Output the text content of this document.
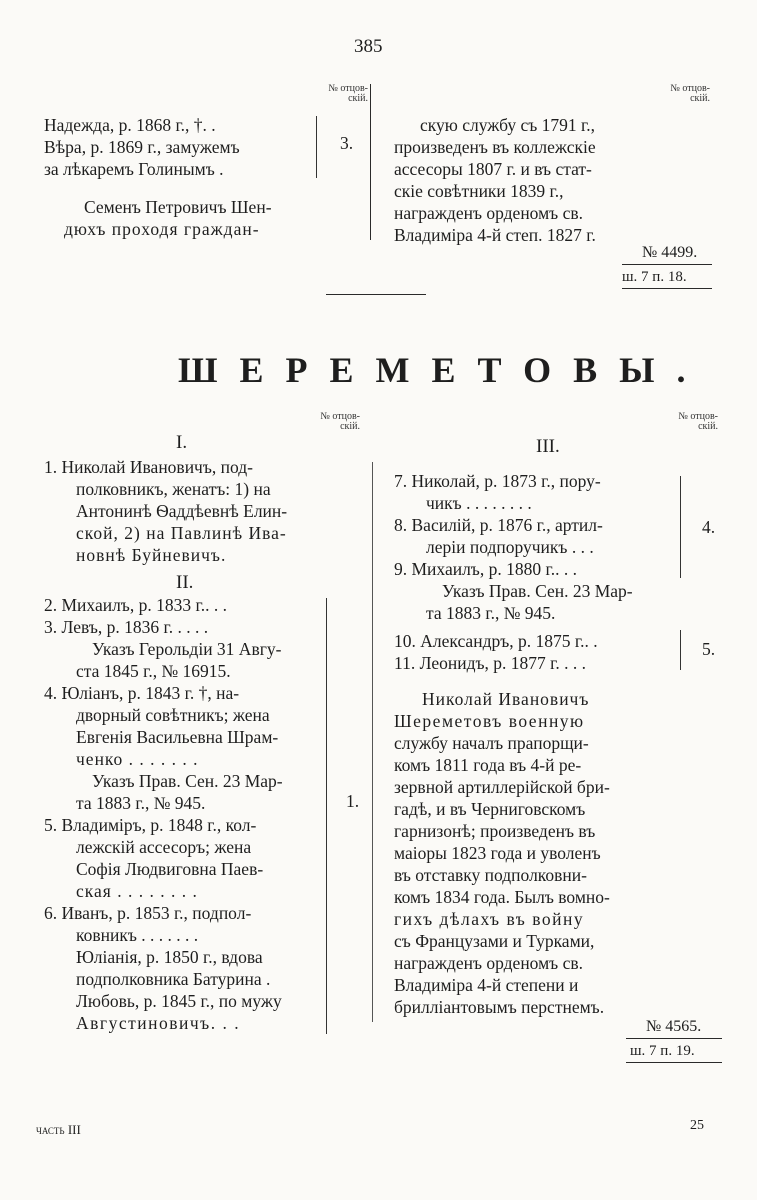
385
№ отцов-
скій.
№ отцов-
скій.
Надежда, р. 1868 г., †. .
Вѣра, р. 1869 г., замужемъ
за лѣкаремъ Голинымъ .
3.
Семенъ Петровичъ Шен-
дюхъ проходя граждан-
скую службу съ 1791 г.,
произведенъ въ коллежскіе
ассесоры 1807 г. и въ стат-
скіе совѣтники 1839 г.,
награжденъ орденомъ св.
Владиміра 4-й степ. 1827 г.
№ 4499.
ш. 7 п. 18.
ШЕРЕМЕТОВЫ.
№ отцов-
скій.
№ отцов-
скій.
I.
1. Николай Ивановичъ, под-
полковникъ, женатъ: 1) на
Антонинѣ Ѳаддѣевнѣ Елин-
ской, 2) на Павлинѣ Ива-
новнѣ Буйневичъ.
II.
2. Михаилъ, р. 1833 г.. . .
3. Левъ, р. 1836 г. . . . .
Указъ Герольдіи 31 Авгу-
ста 1845 г., № 16915.
4. Юліанъ, р. 1843 г. †, на-
дворный совѣтникъ; жена
Евгенія Васильевна Шрам-
ченко . . . . . . .
Указъ Прав. Сен. 23 Мар-
та 1883 г., № 945.
5. Владиміръ, р. 1848 г., кол-
лежскій ассесоръ; жена
Софія Людвиговна Паев-
ская . . . . . . . .
6. Иванъ, р. 1853 г., подпол-
ковникъ . . . . . . .
Юліанія, р. 1850 г., вдова
подполковника Батурина .
Любовь, р. 1845 г., по мужу
Августиновичъ. . .
1.
III.
7. Николай, р. 1873 г., пору-
чикъ . . . . . . . .
8. Василій, р. 1876 г., артил-
леріи подпоручикъ . . .
9. Михаилъ, р. 1880 г.. . .
Указъ Прав. Сен. 23 Мар-
та 1883 г., № 945.
10. Александръ, р. 1875 г.. .
11. Леонидъ, р. 1877 г. . . .
4.
5.
Николай Ивановичъ
Шереметовъ военную
службу началъ прапорщи-
комъ 1811 года въ 4-й ре-
зервной артиллерійской бри-
гадѣ, и въ Черниговскомъ
гарнизонѣ; произведенъ въ
маіоры 1823 года и уволенъ
въ отставку подполковни-
комъ 1834 года. Былъ вомно-
гихъ дѣлахъ въ войну
съ Французами и Турками,
награжденъ орденомъ св.
Владиміра 4-й степени и
брилліантовымъ перстнемъ.
№ 4565.
ш. 7 п. 19.
часть III	25
